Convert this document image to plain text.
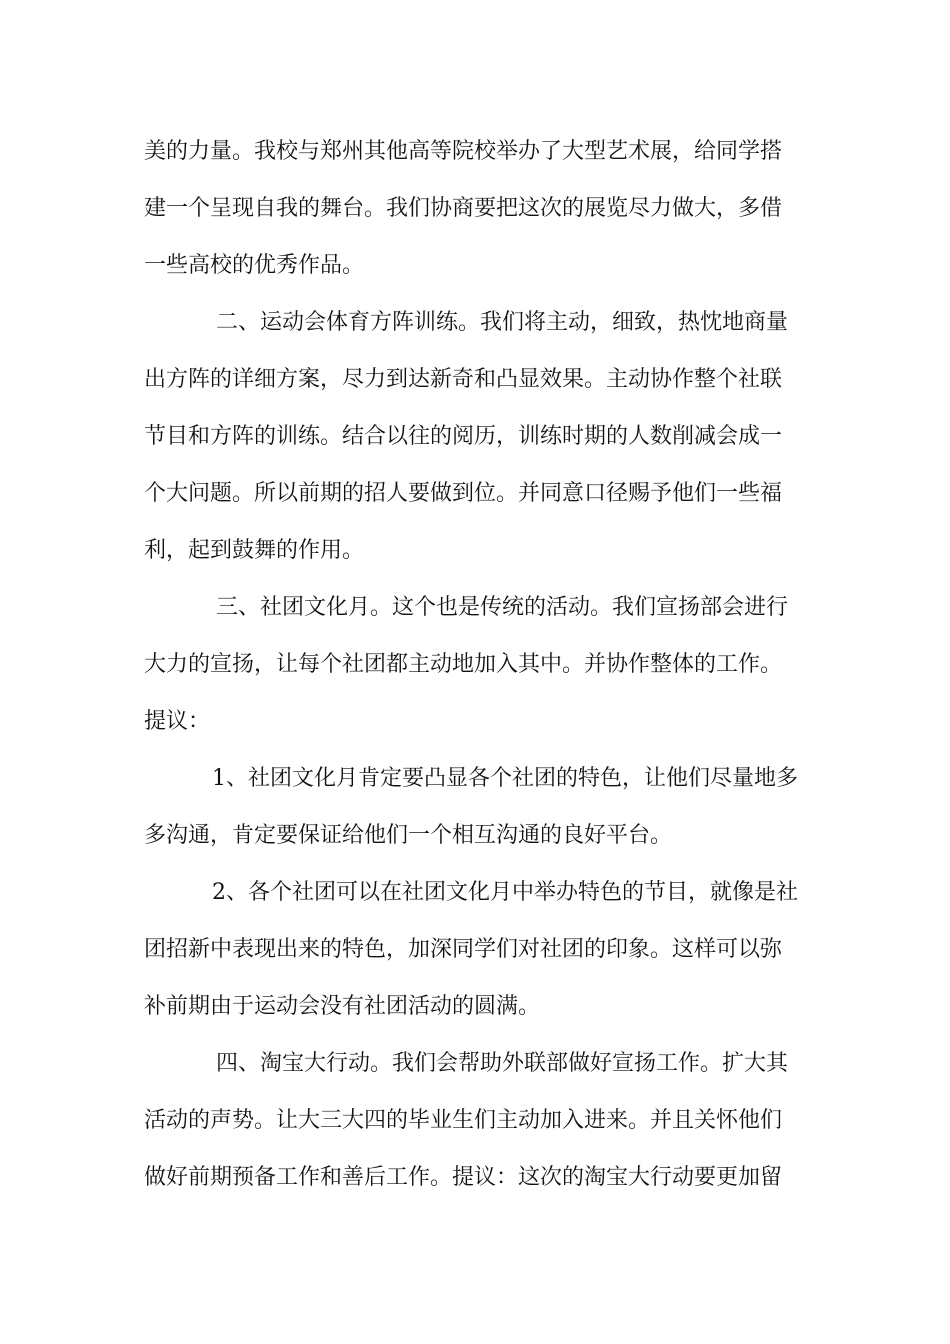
美的力量。我校与郑州其他高等院校举办了大型艺术展，给同学搭
建一个呈现自我的舞台。我们协商要把这次的展览尽力做大，多借
一些高校的优秀作品。
二、运动会体育方阵训练。我们将主动，细致，热忱地商量
出方阵的详细方案，尽力到达新奇和凸显效果。主动协作整个社联
节目和方阵的训练。结合以往的阅历，训练时期的人数削减会成一
个大问题。所以前期的招人要做到位。并同意口径赐予他们一些福
利，起到鼓舞的作用。
三、社团文化月。这个也是传统的活动。我们宣扬部会进行
大力的宣扬，让每个社团都主动地加入其中。并协作整体的工作。
提议：
1、社团文化月肯定要凸显各个社团的特色，让他们尽量地多
多沟通，肯定要保证给他们一个相互沟通的良好平台。
2、各个社团可以在社团文化月中举办特色的节目，就像是社
团招新中表现出来的特色，加深同学们对社团的印象。这样可以弥
补前期由于运动会没有社团活动的圆满。
四、淘宝大行动。我们会帮助外联部做好宣扬工作。扩大其
活动的声势。让大三大四的毕业生们主动加入进来。并且关怀他们
做好前期预备工作和善后工作。提议：这次的淘宝大行动要更加留
